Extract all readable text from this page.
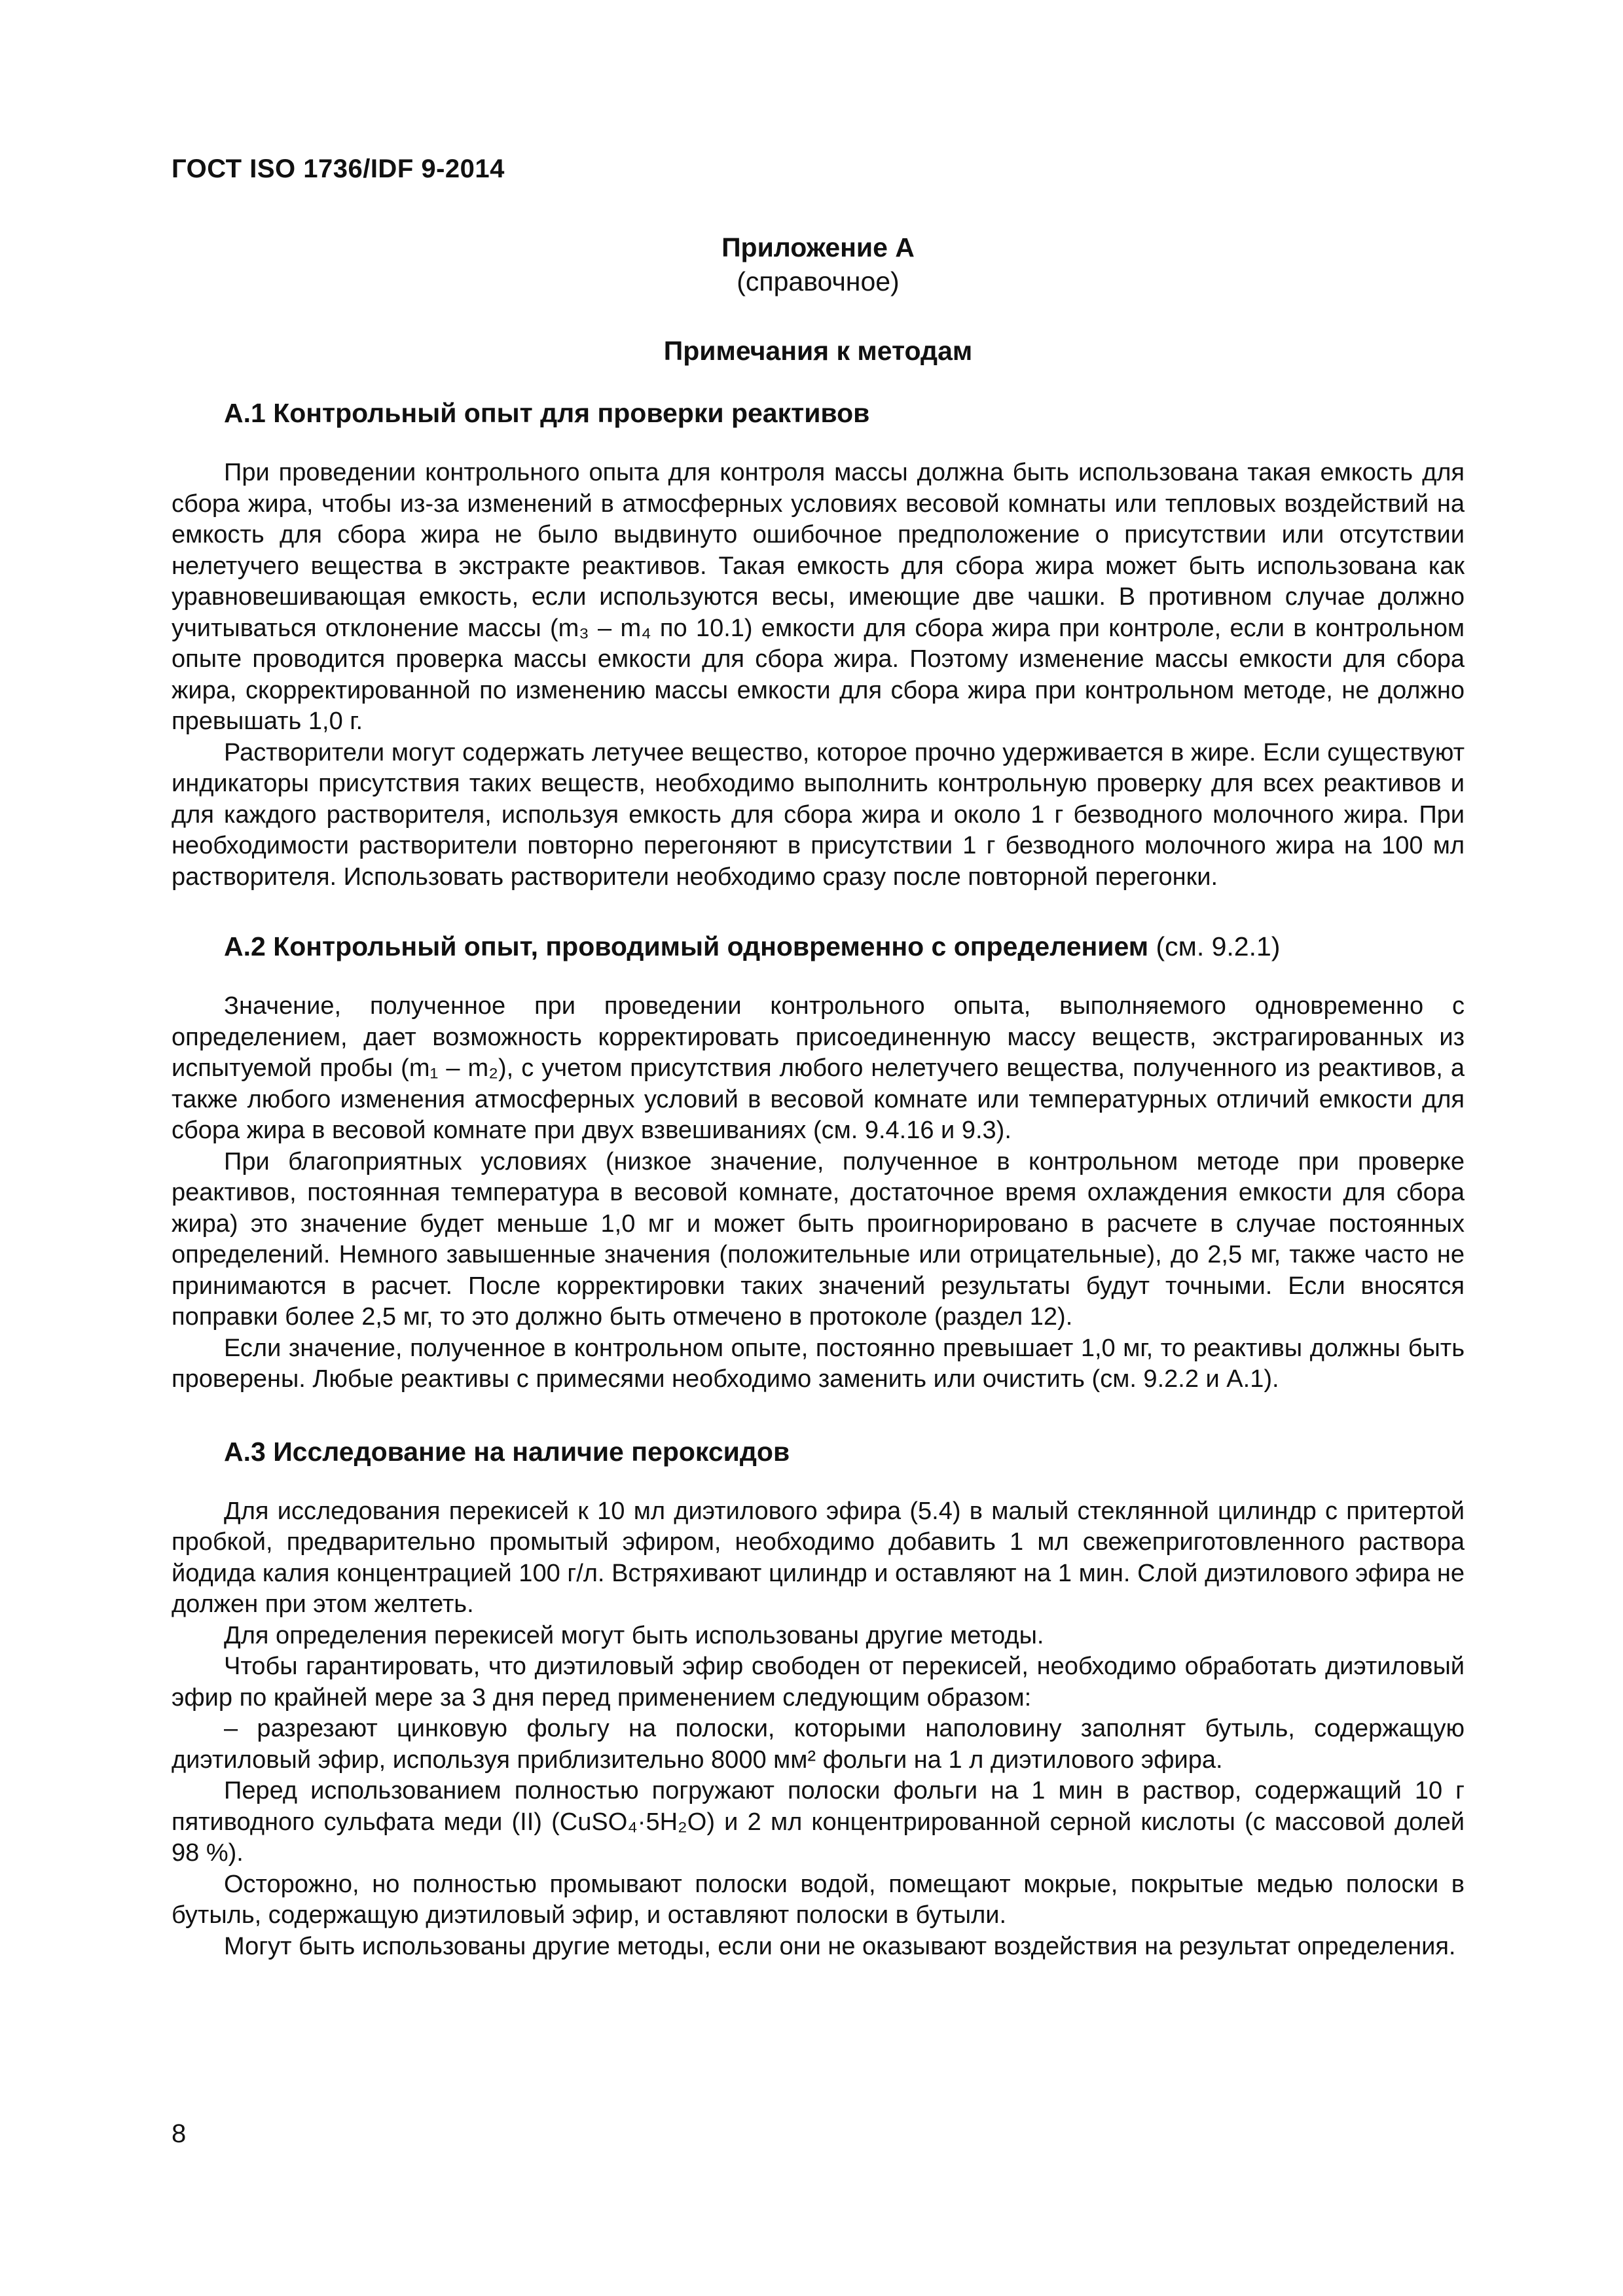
ГОСТ ISO 1736/IDF 9-2014

Приложение А

(справочное)

Примечания к методам

А.1 Контрольный опыт для проверки реактивов

При проведении контрольного опыта для контроля массы должна быть использована такая емкость для сбора жира, чтобы из-за изменений в атмосферных условиях весовой комнаты или тепловых воздействий на емкость для сбора жира не было выдвинуто ошибочное предположение о присутствии или отсутствии нелетучего вещества в экстракте реактивов. Такая емкость для сбора жира может быть использована как уравновешивающая емкость, если используются весы, имеющие две чашки. В противном случае должно учитываться отклонение массы (m₃ – m₄ по 10.1) емкости для сбора жира при контроле, если в контрольном опыте проводится проверка массы емкости для сбора жира. Поэтому изменение массы емкости для сбора жира, скорректированной по изменению массы емкости для сбора жира при контрольном методе, не должно превышать 1,0 г.

Растворители могут содержать летучее вещество, которое прочно удерживается в жире. Если существуют индикаторы присутствия таких веществ, необходимо выполнить контрольную проверку для всех реактивов и для каждого растворителя, используя емкость для сбора жира и около 1 г безводного молочного жира. При необходимости растворители повторно перегоняют в присутствии 1 г безводного молочного жира на 100 мл растворителя. Использовать растворители необходимо сразу после повторной перегонки.

А.2 Контрольный опыт, проводимый одновременно с определением (см. 9.2.1)

Значение, полученное при проведении контрольного опыта, выполняемого одновременно с определением, дает возможность корректировать присоединенную массу веществ, экстрагированных из испытуемой пробы (m₁ – m₂), с учетом присутствия любого нелетучего вещества, полученного из реактивов, а также любого изменения атмосферных условий в весовой комнате или температурных отличий емкости для сбора жира в весовой комнате при двух взвешиваниях (см. 9.4.16 и 9.3).

При благоприятных условиях (низкое значение, полученное в контрольном методе при проверке реактивов, постоянная температура в весовой комнате, достаточное время охлаждения емкости для сбора жира) это значение будет меньше 1,0 мг и может быть проигнорировано в расчете в случае постоянных определений. Немного завышенные значения (положительные или отрицательные), до 2,5 мг, также часто не принимаются в расчет. После корректировки таких значений результаты будут точными. Если вносятся поправки более 2,5 мг, то это должно быть отмечено в протоколе (раздел 12).

Если значение, полученное в контрольном опыте, постоянно превышает 1,0 мг, то реактивы должны быть проверены. Любые реактивы с примесями необходимо заменить или очистить (см. 9.2.2 и А.1).

А.3 Исследование на наличие пероксидов

Для исследования перекисей к 10 мл диэтилового эфира (5.4) в малый стеклянной цилиндр с притертой пробкой, предварительно промытый эфиром, необходимо добавить 1 мл свежеприготовленного раствора йодида калия концентрацией 100 г/л. Встряхивают цилиндр и оставляют на 1 мин. Слой диэтилового эфира не должен при этом желтеть.

Для определения перекисей могут быть использованы другие методы.

Чтобы гарантировать, что диэтиловый эфир свободен от перекисей, необходимо обработать диэтиловый эфир по крайней мере за 3 дня перед применением следующим образом:

– разрезают цинковую фольгу на полоски, которыми наполовину заполнят бутыль, содержащую диэтиловый эфир, используя приблизительно 8000 мм² фольги на 1 л диэтилового эфира.

Перед использованием полностью погружают полоски фольги на 1 мин в раствор, содержащий 10 г пятиводного сульфата меди (II) (CuSO₄·5H₂O) и 2 мл концентрированной серной кислоты (с массовой долей 98 %).

Осторожно, но полностью промывают полоски водой, помещают мокрые, покрытые медью полоски в бутыль, содержащую диэтиловый эфир, и оставляют полоски в бутыли.

Могут быть использованы другие методы, если они не оказывают воздействия на результат определения.

8
